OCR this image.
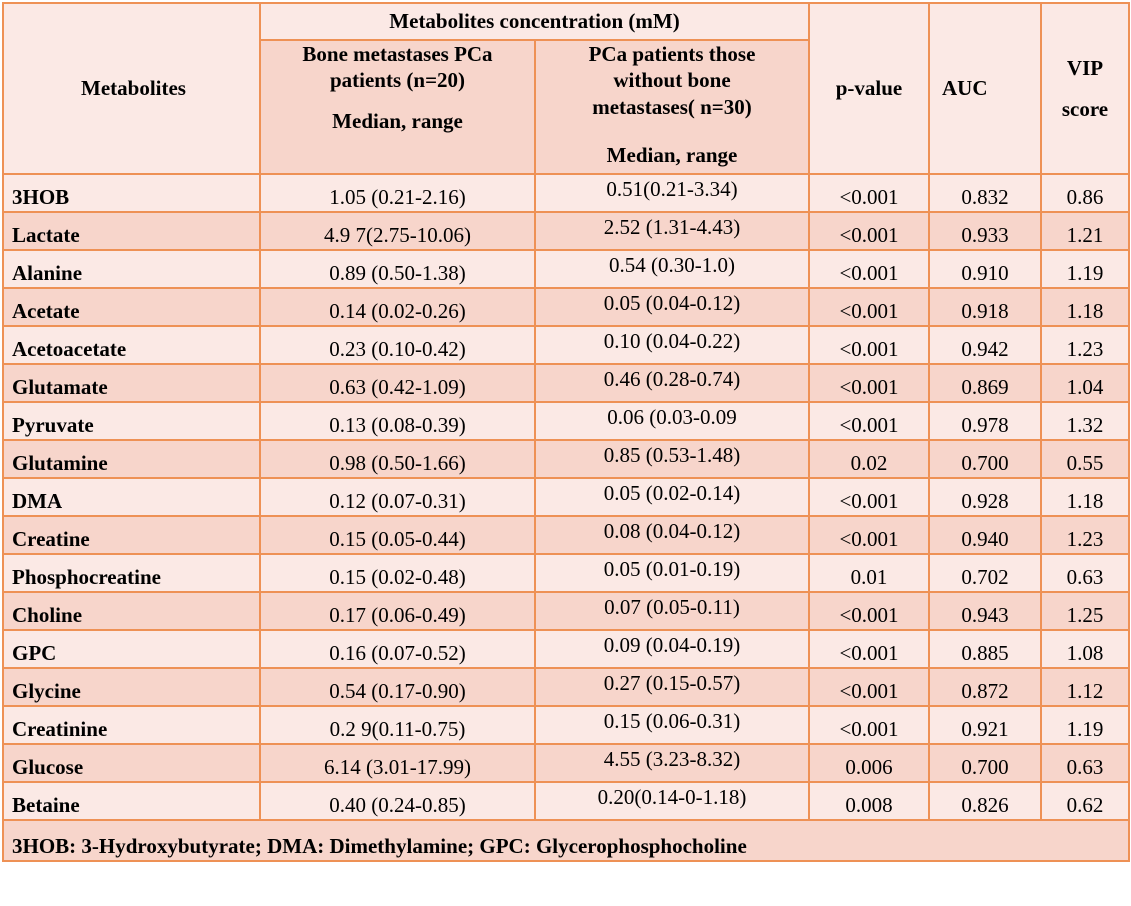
Metabolites	Metabolites concentration (mM)		p-value	AUC	VIP
score
	Bone metastases PCa
patients (n=20)
Median, range	PCa patients those
without bone
metastases( n=30)
Median, range			
3HOB	1.05 (0.21-2.16)	0.51(0.21-3.34)	<0.001	0.832	0.86
Lactate	4.9 7(2.75-10.06)	2.52 (1.31-4.43)	<0.001	0.933	1.21
Alanine	0.89 (0.50-1.38)	0.54 (0.30-1.0)	<0.001	0.910	1.19
Acetate	0.14 (0.02-0.26)	0.05 (0.04-0.12)	<0.001	0.918	1.18
Acetoacetate	0.23 (0.10-0.42)	0.10 (0.04-0.22)	<0.001	0.942	1.23
Glutamate	0.63 (0.42-1.09)	0.46 (0.28-0.74)	<0.001	0.869	1.04
Pyruvate	0.13 (0.08-0.39)	0.06 (0.03-0.09	<0.001	0.978	1.32
Glutamine	0.98 (0.50-1.66)	0.85 (0.53-1.48)	0.02	0.700	0.55
DMA	0.12 (0.07-0.31)	0.05 (0.02-0.14)	<0.001	0.928	1.18
Creatine	0.15 (0.05-0.44)	0.08 (0.04-0.12)	<0.001	0.940	1.23
Phosphocreatine	0.15 (0.02-0.48)	0.05 (0.01-0.19)	0.01	0.702	0.63
Choline	0.17 (0.06-0.49)	0.07 (0.05-0.11)	<0.001	0.943	1.25
GPC	0.16 (0.07-0.52)	0.09 (0.04-0.19)	<0.001	0.885	1.08
Glycine	0.54 (0.17-0.90)	0.27 (0.15-0.57)	<0.001	0.872	1.12
Creatinine	0.2 9(0.11-0.75)	0.15 (0.06-0.31)	<0.001	0.921	1.19
Glucose	6.14 (3.01-17.99)	4.55 (3.23-8.32)	0.006	0.700	0.63
Betaine	0.40 (0.24-0.85)	0.20(0.14-0-1.18)	0.008	0.826	0.62
3HOB: 3-Hydroxybutyrate; DMA: Dimethylamine; GPC: Glycerophosphocholine					
